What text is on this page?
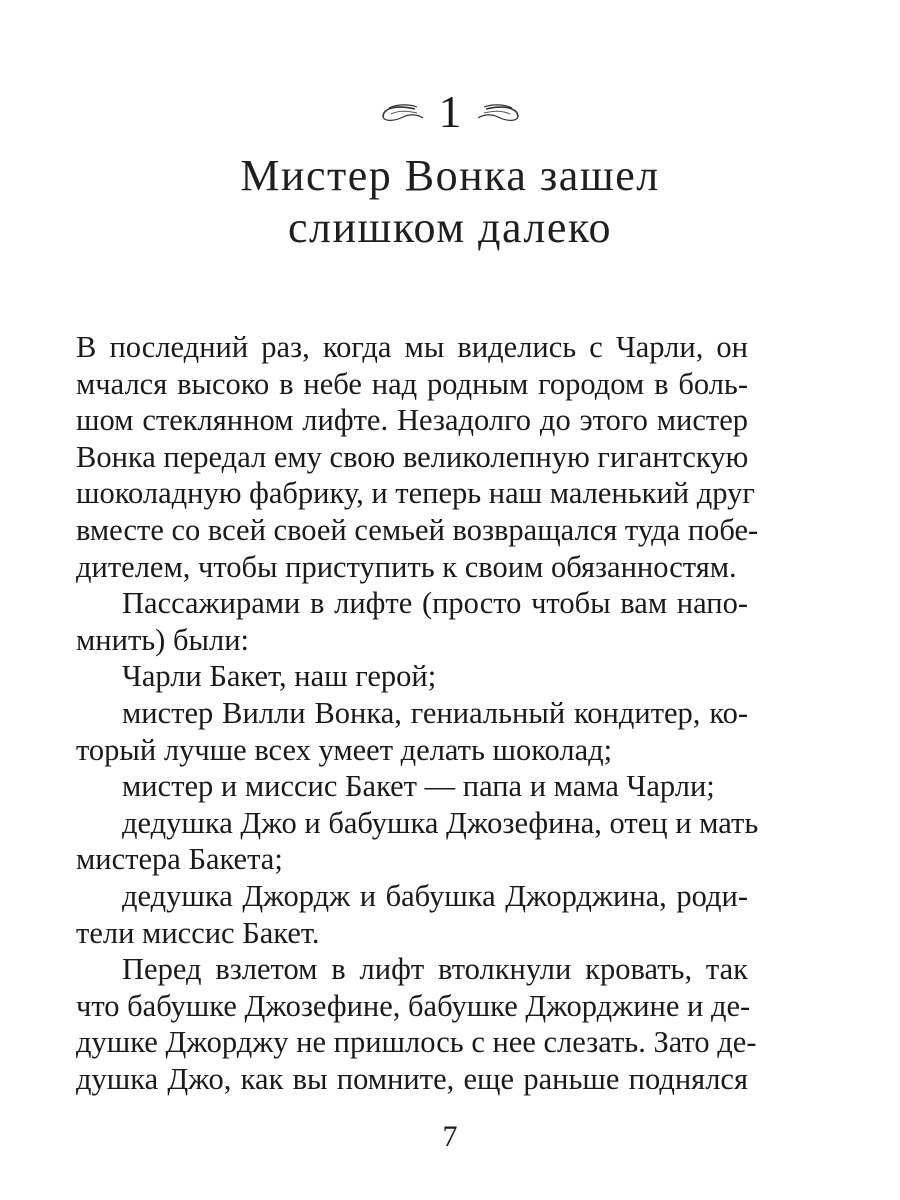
1
Мистер Вонка зашел
слишком далеко
В последний раз, когда мы виделись с Чарли, он
мчался высоко в небе над родным городом в боль-
шом стеклянном лифте. Незадолго до этого мистер
Вонка передал ему свою великолепную гигантскую
шоколадную фабрику, и теперь наш маленький друг
вместе со всей своей семьей возвращался туда побе-
дителем, чтобы приступить к своим обязанностям.
Пассажирами в лифте (просто чтобы вам напо-
мнить) были:
Чарли Бакет, наш герой;
мистер Вилли Вонка, гениальный кондитер, ко-
торый лучше всех умеет делать шоколад;
мистер и миссис Бакет — папа и мама Чарли;
дедушка Джо и бабушка Джозефина, отец и мать
мистера Бакета;
дедушка Джордж и бабушка Джорджина, роди-
тели миссис Бакет.
Перед взлетом в лифт втолкнули кровать, так
что бабушке Джозефине, бабушке Джорджине и де-
душке Джорджу не пришлось с нее слезать. Зато де-
душка Джо, как вы помните, еще раньше поднялся
7
